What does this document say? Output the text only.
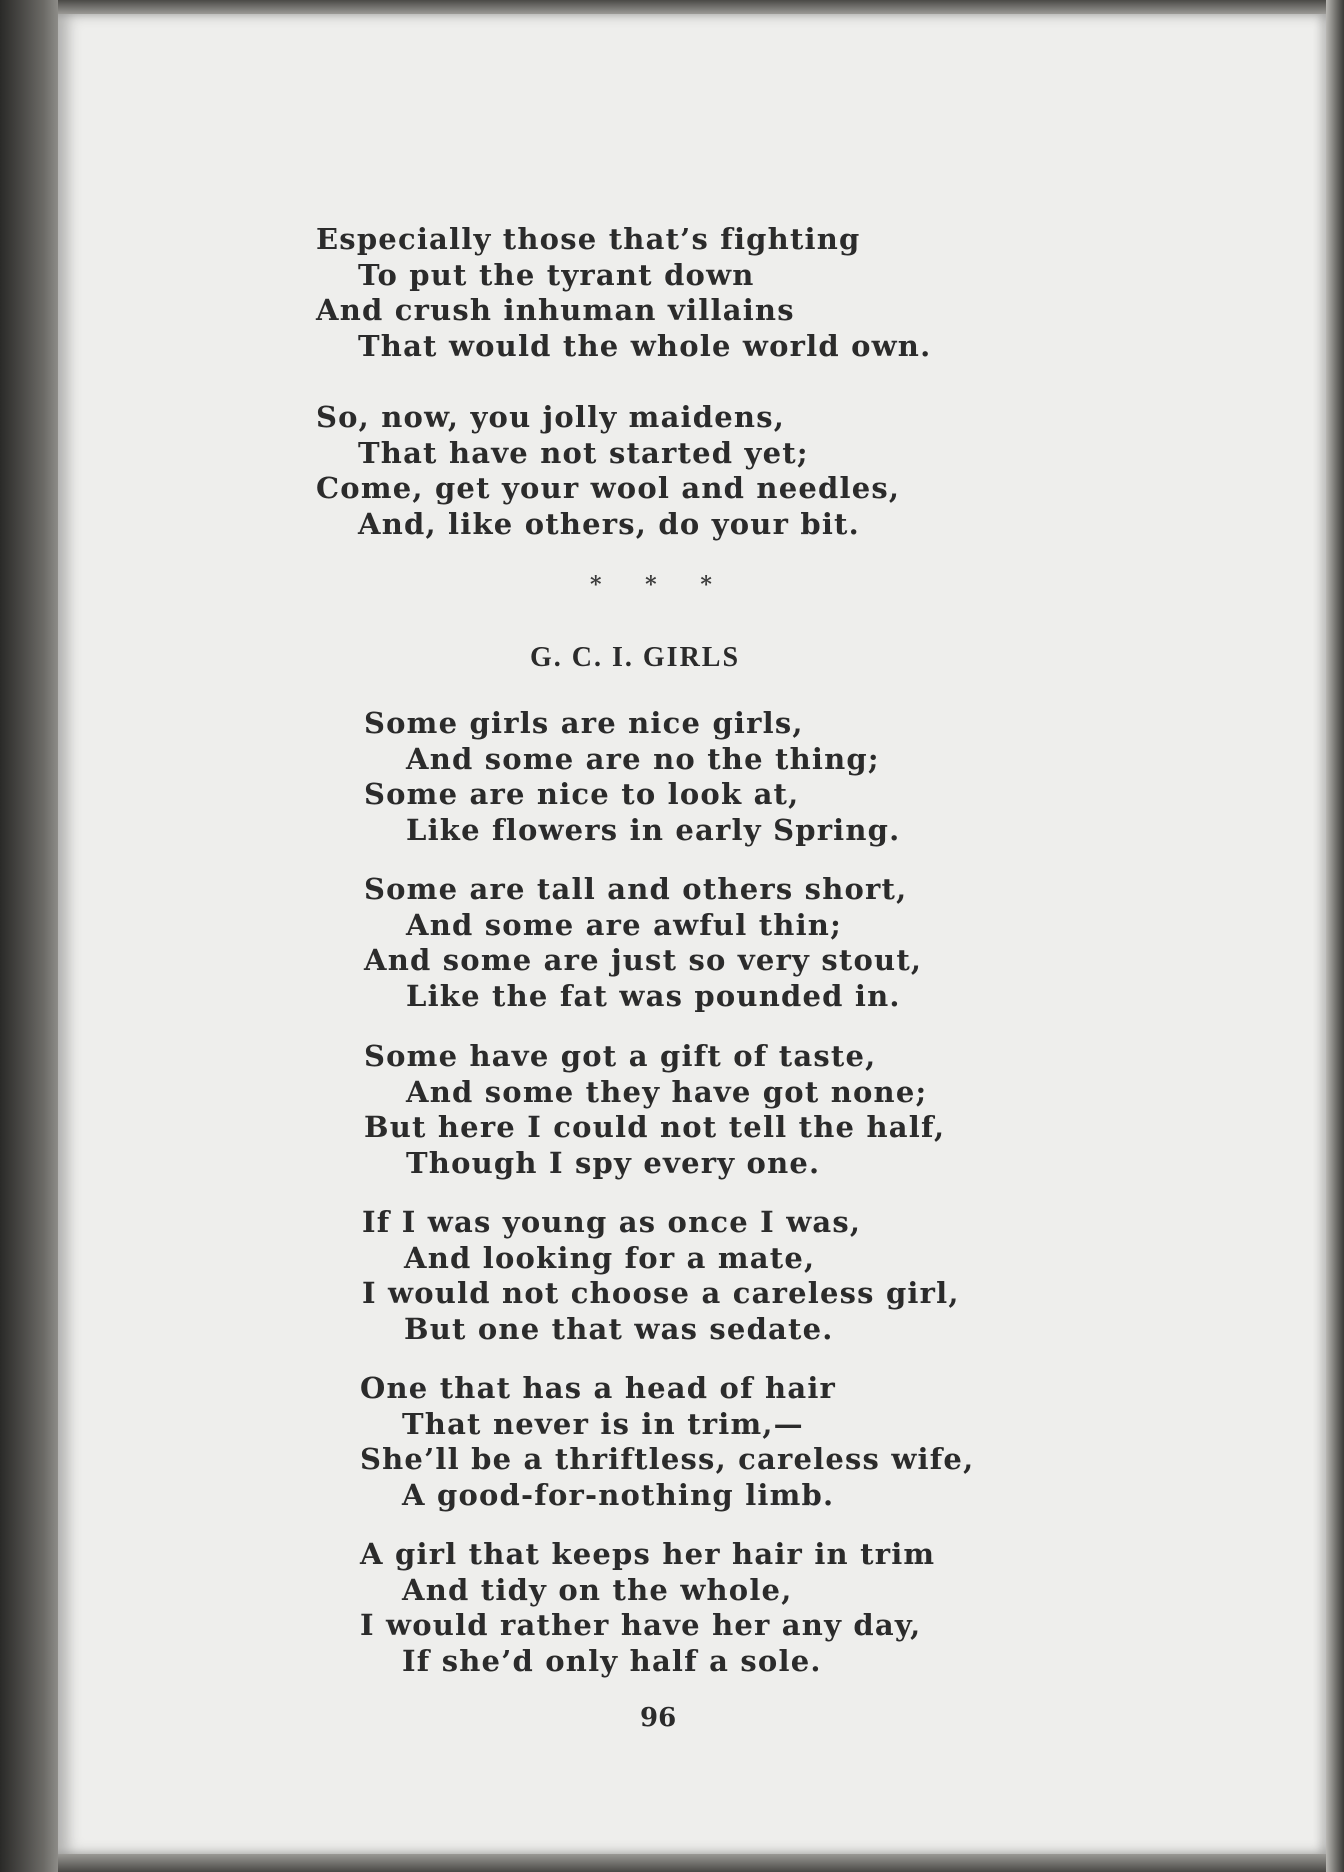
Especially those that’s fighting
To put the tyrant down
And crush inhuman villains
That would the whole world own.
So, now, you jolly maidens,
That have not started yet;
Come, get your wool and needles,
And, like others, do your bit.
* * *
G. C. I. GIRLS
Some girls are nice girls,
And some are no the thing;
Some are nice to look at,
Like flowers in early Spring.
Some are tall and others short,
And some are awful thin;
And some are just so very stout,
Like the fat was pounded in.
Some have got a gift of taste,
And some they have got none;
But here I could not tell the half,
Though I spy every one.
If I was young as once I was,
And looking for a mate,
I would not choose a careless girl,
But one that was sedate.
One that has a head of hair
That never is in trim,—
She’ll be a thriftless, careless wife,
A good-for-nothing limb.
A girl that keeps her hair in trim
And tidy on the whole,
I would rather have her any day,
If she’d only half a sole.
96
